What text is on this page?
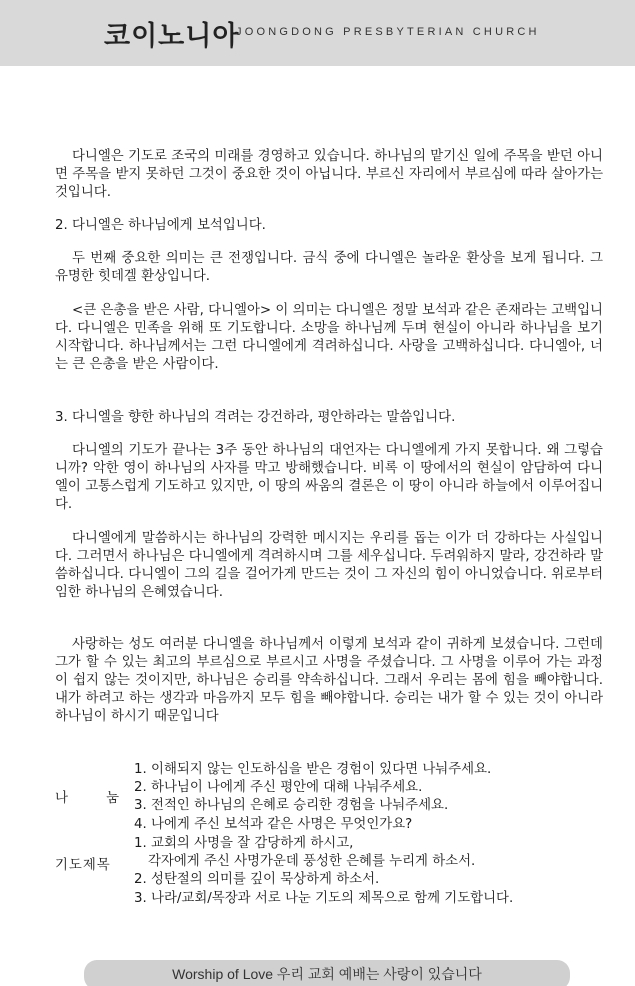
코이노니아
JOONGDONG PRESBYTERIAN CHURCH

다니엘은 기도로 조국의 미래를 경영하고 있습니다. 하나님의 맡기신 일에 주목을 받던 아니면 주목을 받지 못하던 그것이 중요한 것이 아닙니다. 부르신 자리에서 부르심에 따라 살아가는 것입니다.

2. 다니엘은 하나님에게 보석입니다.

두 번째 중요한 의미는 큰 전쟁입니다. 금식 중에 다니엘은 놀라운 환상을 보게 됩니다. 그 유명한 힛데겔 환상입니다.

<큰 은총을 받은 사람, 다니엘아> 이 의미는 다니엘은 정말 보석과 같은 존재라는 고백입니다. 다니엘은 민족을 위해 또 기도합니다. 소망을 하나님께 두며 현실이 아니라 하나님을 보기 시작합니다. 하나님께서는 그런 다니엘에게 격려하십니다. 사랑을 고백하십니다. 다니엘아, 너는 큰 은총을 받은 사람이다.

3. 다니엘을 향한 하나님의 격려는 강건하라, 평안하라는 말씀입니다.

다니엘의 기도가 끝나는 3주 동안 하나님의 대언자는 다니엘에게 가지 못합니다. 왜 그렇습니까? 악한 영이 하나님의 사자를 막고 방해했습니다. 비록 이 땅에서의 현실이 암담하여 다니엘이 고통스럽게 기도하고 있지만, 이 땅의 싸움의 결론은 이 땅이 아니라 하늘에서 이루어집니다.

다니엘에게 말씀하시는 하나님의 강력한 메시지는 우리를 돕는 이가 더 강하다는 사실입니다. 그러면서 하나님은 다니엘에게 격려하시며 그를 세우십니다. 두려워하지 말라, 강건하라 말씀하십니다. 다니엘이 그의 길을 걸어가게 만드는 것이 그 자신의 힘이 아니었습니다. 위로부터 임한 하나님의 은혜였습니다.

사랑하는 성도 여러분 다니엘을 하나님께서 이렇게 보석과 같이 귀하게 보셨습니다. 그런데 그가 할 수 있는 최고의 부르심으로 부르시고 사명을 주셨습니다. 그 사명을 이루어 가는 과정이 쉽지 않는 것이지만, 하나님은 승리를 약속하십니다. 그래서 우리는 몸에 힘을 빼야합니다. 내가 하려고 하는 생각과 마음까지 모두 힘을 빼야합니다. 승리는 내가 할 수 있는 것이 아니라 하나님이 하시기 때문입니다

나	눔
1. 이해되지 않는 인도하심을 받은 경험이 있다면 나눠주세요.
2. 하나님이 나에게 주신 평안에 대해 나눠주세요.
3. 전적인 하나님의 은혜로 승리한 경험을 나눠주세요.
4. 나에게 주신 보석과 같은 사명은 무엇인가요?
기도제목
1. 교회의 사명을 잘 감당하게 하시고,
각자에게 주신 사명가운데 풍성한 은혜를 누리게 하소서.
2. 성탄절의 의미를 깊이 묵상하게 하소서.
3. 나라/교회/목장과 서로 나눈 기도의 제목으로 함께 기도합니다.
Worship of Love 우리 교회 예배는 사랑이 있습니다
